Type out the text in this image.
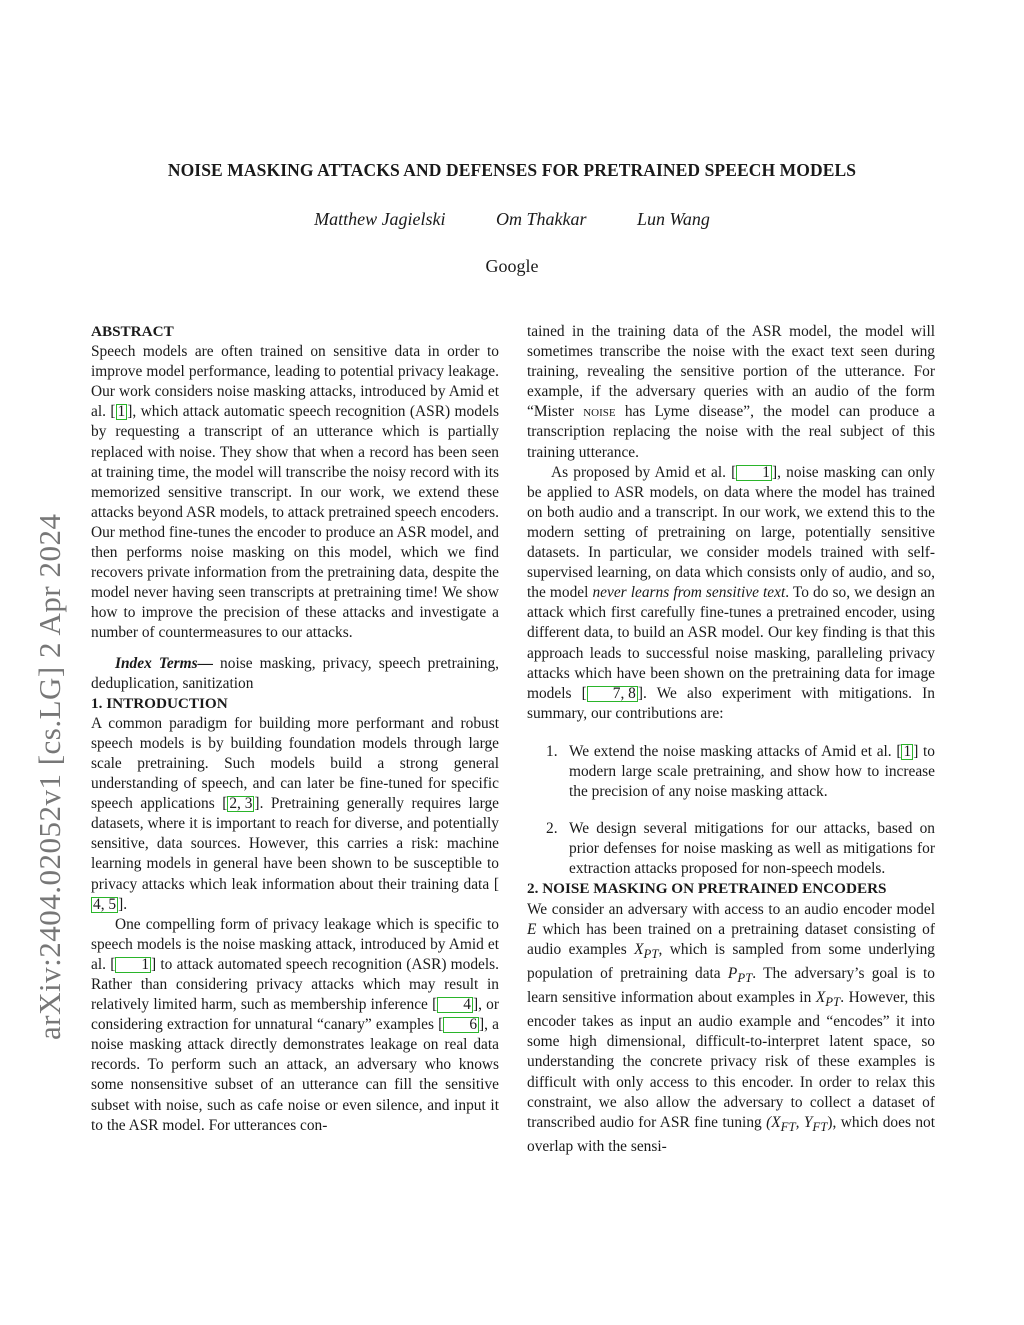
arXiv:2404.02052v1 [cs.LG] 2 Apr 2024
NOISE MASKING ATTACKS AND DEFENSES FOR PRETRAINED SPEECH MODELS
Matthew Jagielski	Om Thakkar	Lun Wang
Google

ABSTRACT

Speech models are often trained on sensitive data in order to improve model performance, leading to potential privacy leakage. Our work considers noise masking attacks, introduced by Amid et al. [ 1 ], which attack automatic speech recognition (ASR) models by requesting a transcript of an utterance which is partially replaced with noise. They show that when a record has been seen at training time, the model will transcribe the noisy record with its memorized sensitive transcript. In our work, we extend these attacks beyond ASR models, to attack pretrained speech encoders. Our method fine-tunes the encoder to produce an ASR model, and then performs noise masking on this model, which we find recovers private information from the pretraining data, despite the model never having seen transcripts at pretraining time! We show how to improve the precision of these attacks and investigate a number of countermeasures to our attacks.

Index Terms— noise masking, privacy, speech pretraining, deduplication, sanitization

1. INTRODUCTION

A common paradigm for building more performant and robust speech models is by building foundation models through large scale pretraining. Such models build a strong general understanding of speech, and can later be fine-tuned for specific speech applications [ 2, 3 ]. Pretraining generally requires large datasets, where it is important to reach for diverse, and potentially sensitive, data sources. However, this carries a risk: machine learning models in general have been shown to be susceptible to privacy attacks which leak information about their training data [4, 5 ].

One compelling form of privacy leakage which is specific to speech models is the noise masking attack, introduced by Amid et al. [ 1 ] to attack automated speech recognition (ASR) models. Rather than considering privacy attacks which may result in relatively limited harm, such as membership inference [ 4 ], or considering extraction for unnatural “canary” examples [ 6 ], a noise masking attack directly demonstrates leakage on real data records. To perform such an attack, an adversary who knows some nonsensitive subset of an utterance can fill the sensitive subset with noise, such as cafe noise or even silence, and input it to the ASR model. For utterances con-

tained in the training data of the ASR model, the model will sometimes transcribe the noise with the exact text seen during training, revealing the sensitive portion of the utterance. For example, if the adversary queries with an audio of the form “Mister noise has Lyme disease”, the model can produce a transcription replacing the noise with the real subject of this training utterance.

As proposed by Amid et al. [ 1 ], noise masking can only be applied to ASR models, on data where the model has trained on both audio and a transcript. In our work, we extend this to the modern setting of pretraining on large, potentially sensitive datasets. In particular, we consider models trained with self-supervised learning, on data which consists only of audio, and so, the model never learns from sensitive text. To do so, we design an attack which first carefully fine-tunes a pretrained encoder, using different data, to build an ASR model. Our key finding is that this approach leads to successful noise masking, paralleling privacy attacks which have been shown on the pretraining data for image models [ 7, 8 ]. We also experiment with mitigations. In summary, our contributions are:

1. We extend the noise masking attacks of Amid et al. [ 1 ] to modern large scale pretraining, and show how to increase the precision of any noise masking attack.
2. We design several mitigations for our attacks, based on prior defenses for noise masking as well as mitigations for extraction attacks proposed for non-speech models.

2. NOISE MASKING ON PRETRAINED ENCODERS

We consider an adversary with access to an audio encoder model E which has been trained on a pretraining dataset consisting of audio examples $X_{PT}$, which is sampled from some underlying population of pretraining data $P_{PT}$. The adversary’s goal is to learn sensitive information about examples in $X_{PT}$. However, this encoder takes as input an audio example and “encodes” it into some high dimensional, difficult-to-interpret latent space, so understanding the concrete privacy risk of these examples is difficult with only access to this encoder. In order to relax this constraint, we also allow the adversary to collect a dataset of transcribed audio for ASR fine tuning ($X_{FT}$, $Y_{FT}$), which does not overlap with the sensi-
